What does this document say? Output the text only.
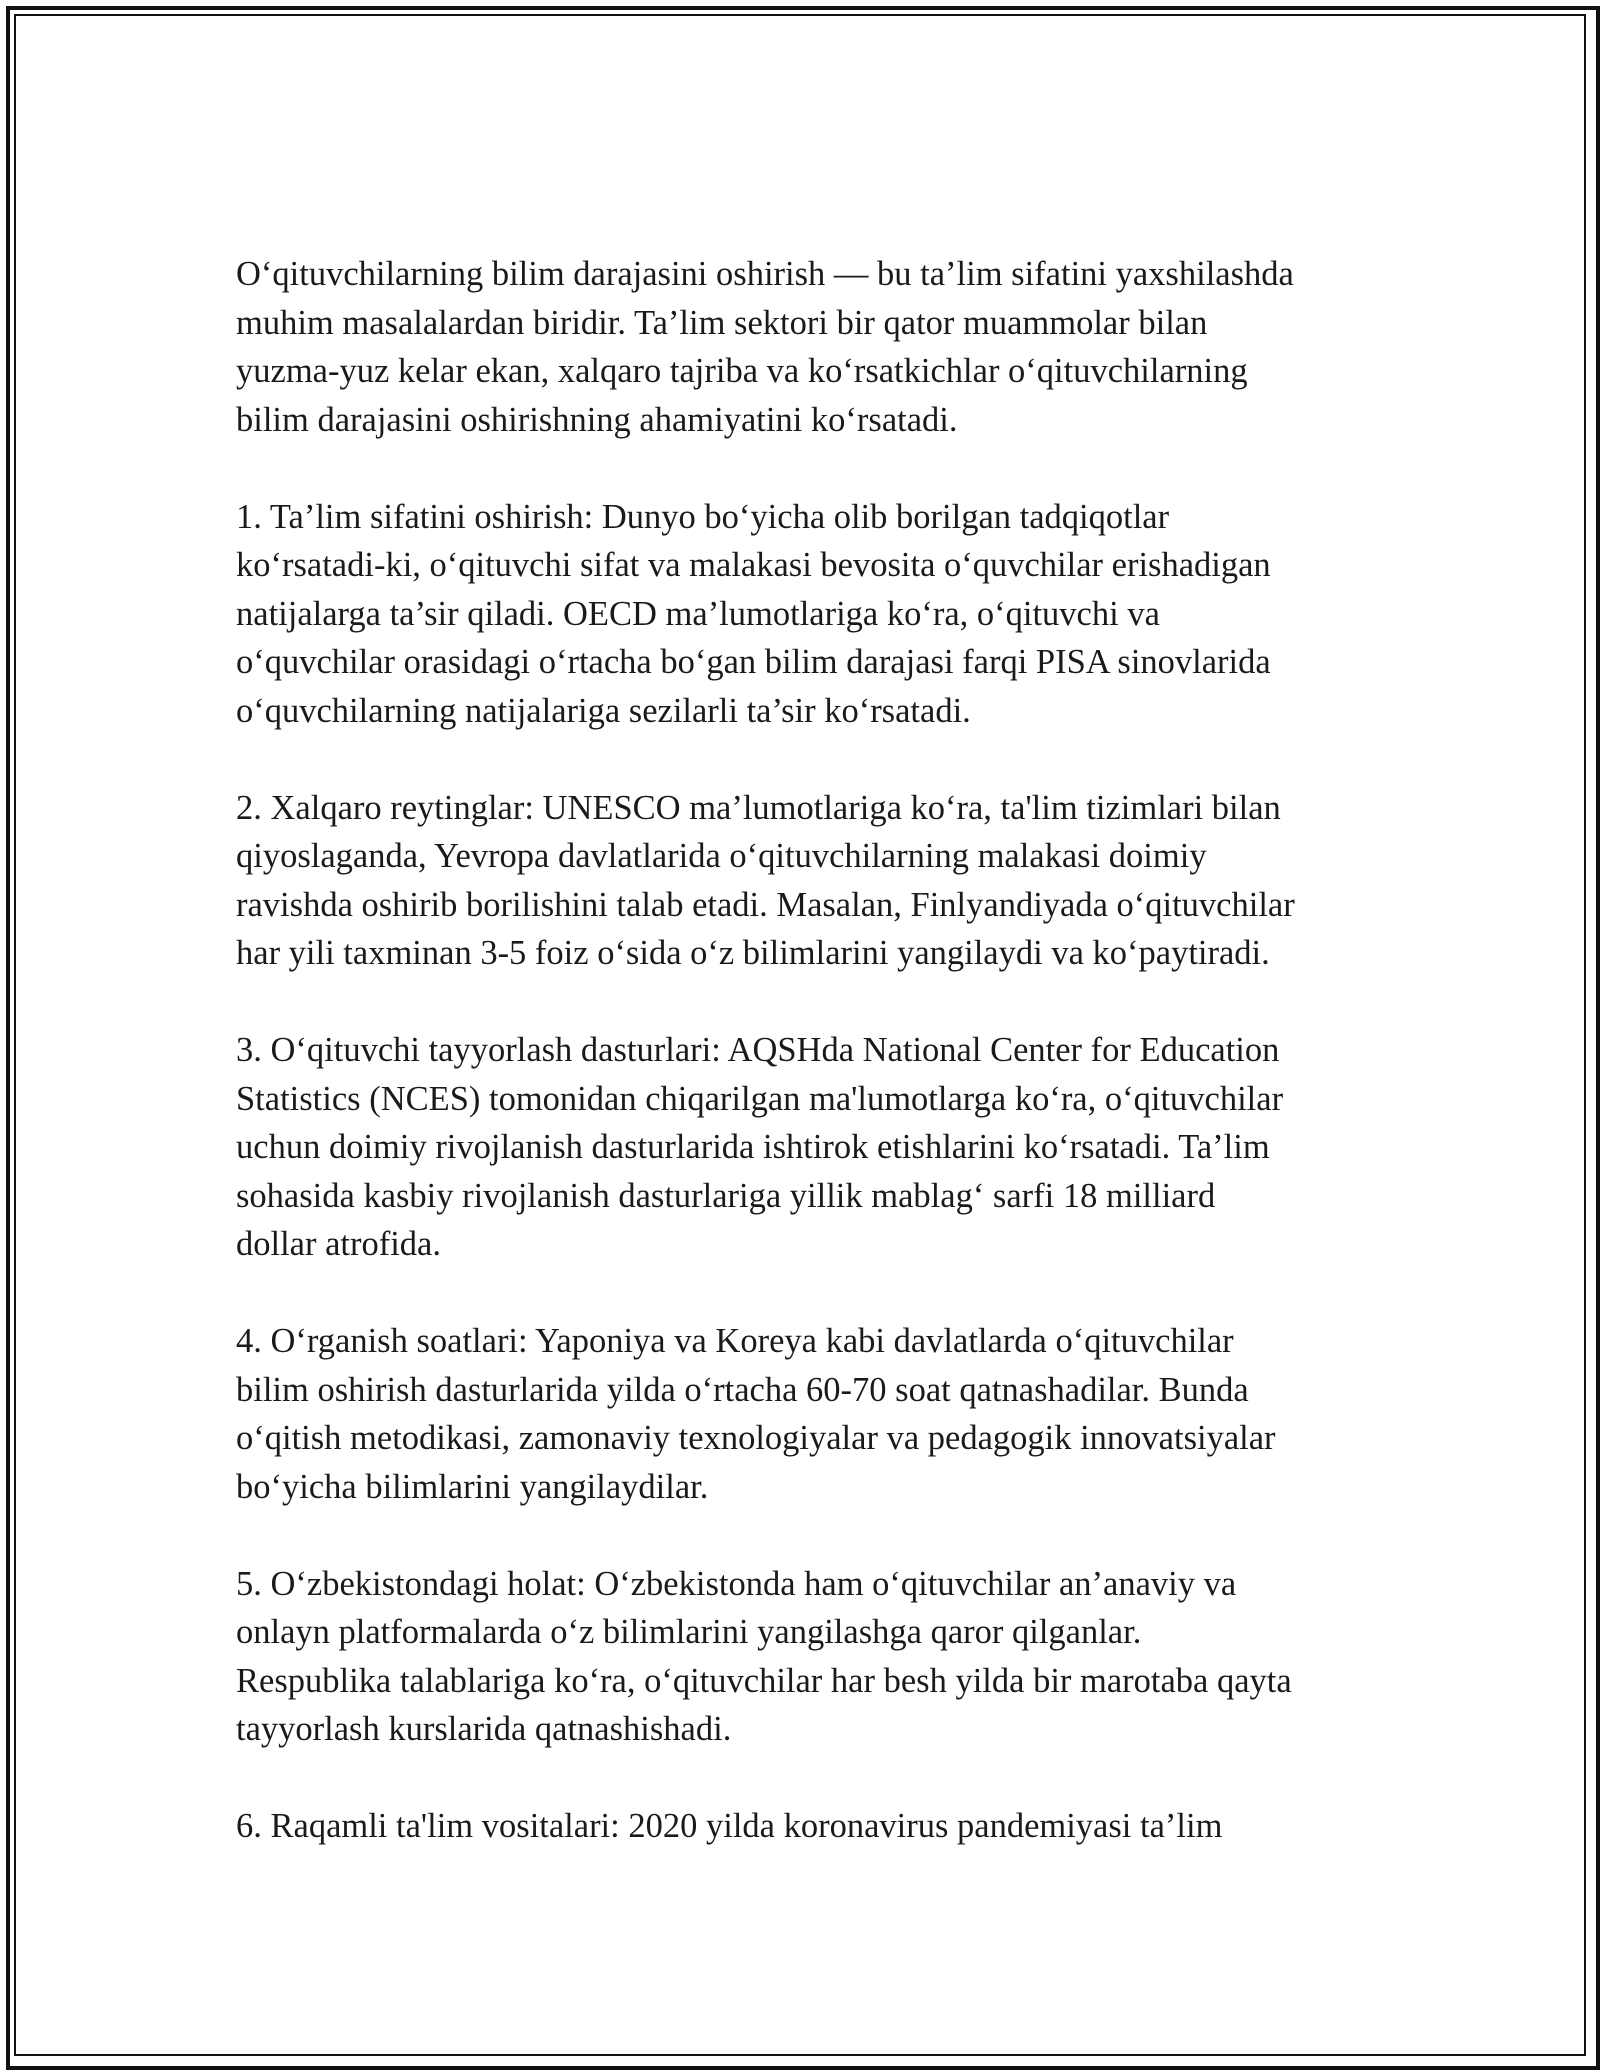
O‘qituvchilarning bilim darajasini oshirish — bu ta’lim sifatini yaxshilashda
muhim masalalardan biridir. Ta’lim sektori bir qator muammolar bilan
yuzma-yuz kelar ekan, xalqaro tajriba va ko‘rsatkichlar o‘qituvchilarning
bilim darajasini oshirishning ahamiyatini ko‘rsatadi.

1. Ta’lim sifatini oshirish: Dunyo bo‘yicha olib borilgan tadqiqotlar
ko‘rsatadi-ki, o‘qituvchi sifat va malakasi bevosita o‘quvchilar erishadigan
natijalarga ta’sir qiladi. OECD ma’lumotlariga ko‘ra, o‘qituvchi va
o‘quvchilar orasidagi o‘rtacha bo‘gan bilim darajasi farqi PISA sinovlarida
o‘quvchilarning natijalariga sezilarli ta’sir ko‘rsatadi.

2. Xalqaro reytinglar: UNESCO ma’lumotlariga ko‘ra, ta'lim tizimlari bilan
qiyoslaganda, Yevropa davlatlarida o‘qituvchilarning malakasi doimiy
ravishda oshirib borilishini talab etadi. Masalan, Finlyandiyada o‘qituvchilar
har yili taxminan 3-5 foiz o‘sida o‘z bilimlarini yangilaydi va ko‘paytiradi.

3. O‘qituvchi tayyorlash dasturlari: AQSHda National Center for Education
Statistics (NCES) tomonidan chiqarilgan ma'lumotlarga ko‘ra, o‘qituvchilar
uchun doimiy rivojlanish dasturlarida ishtirok etishlarini ko‘rsatadi. Ta’lim
sohasida kasbiy rivojlanish dasturlariga yillik mablag‘ sarfi 18 milliard
dollar atrofida.

4. O‘rganish soatlari: Yaponiya va Koreya kabi davlatlarda o‘qituvchilar
bilim oshirish dasturlarida yilda o‘rtacha 60-70 soat qatnashadilar. Bunda
o‘qitish metodikasi, zamonaviy texnologiyalar va pedagogik innovatsiyalar
bo‘yicha bilimlarini yangilaydilar.

5. O‘zbekistondagi holat: O‘zbekistonda ham o‘qituvchilar an’anaviy va
onlayn platformalarda o‘z bilimlarini yangilashga qaror qilganlar.
Respublika talablariga ko‘ra, o‘qituvchilar har besh yilda bir marotaba qayta
tayyorlash kurslarida qatnashishadi.

6. Raqamli ta'lim vositalari: 2020 yilda koronavirus pandemiyasi ta’lim
